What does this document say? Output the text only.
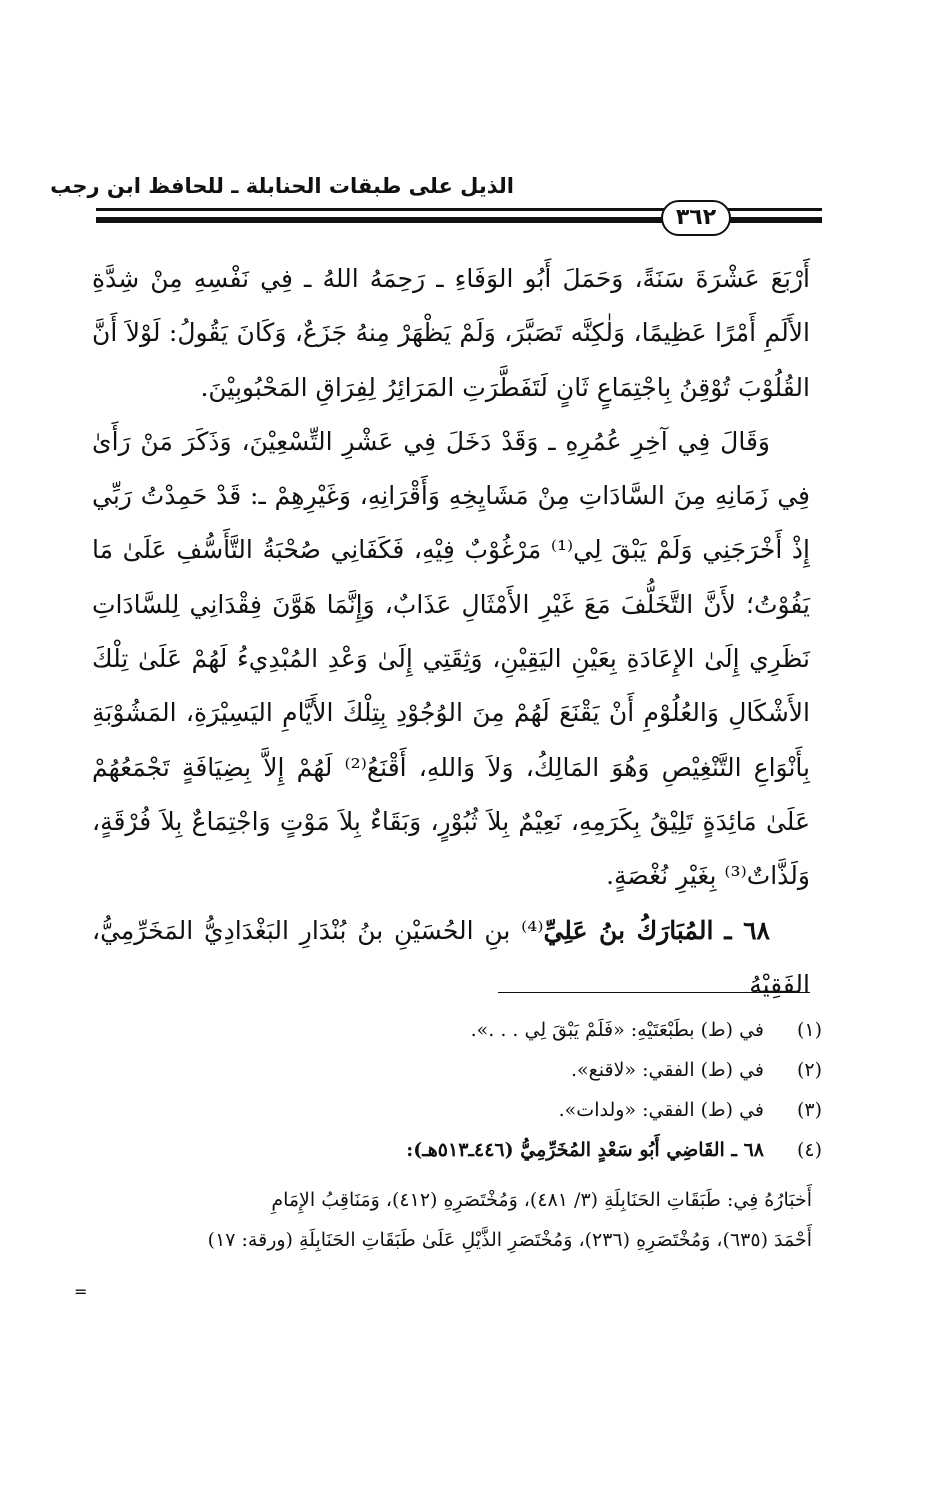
الذيل على طبقات الحنابلة ـ للحافظ ابن رجب
٣٦٢

أَرْبَعَ عَشْرَةَ سَنَةً، وَحَمَلَ أَبُو الوَفَاءِ ـ رَحِمَهُ اللهُ ـ فِي نَفْسِهِ مِنْ شِدَّةِ الأَلَمِ أَمْرًا عَظِيمًا، وَلٰكِنَّه تَصَبَّرَ، وَلَمْ يَظْهَرْ مِنهُ جَزَعٌ، وَكَانَ يَقُولُ: لَوْلاَ أَنَّ القُلُوْبَ تُوْقِنُ بِاجْتِمَاعٍ ثَانٍ لَتَفَطَّرَتِ المَرَائِرُ لِفِرَاقِ المَحْبُوبِيْنَ.

وَقَالَ فِي آخِرِ عُمُرِهِ ـ وَقَدْ دَخَلَ فِي عَشْرِ التِّسْعِيْنَ، وَذَكَرَ مَنْ رَأَىٰ فِي زَمَانِهِ مِنَ السَّادَاتِ مِنْ مَشَايِخِهِ وَأَقْرَانِهِ، وَغَيْرِهِمْ ـ: قَدْ حَمِدْتُ رَبِّي إِذْ أَخْرَجَنِي وَلَمْ يَبْقَ لِي⁽¹⁾ مَرْغُوْبٌ فِيْهِ، فَكَفَانِي صُحْبَةُ التَّأَسُّفِ عَلَىٰ مَا يَفُوْتُ؛ لأَنَّ التَّخَلُّفَ مَعَ غَيْرِ الأَمْثَالِ عَذَابٌ، وَإِنَّمَا هَوَّنَ فِقْدَانِي لِلسَّادَاتِ نَظَرِي إِلَىٰ الإِعَادَةِ بِعَيْنِ اليَقِيْنِ، وَثِقَتِي إِلَىٰ وَعْدِ المُبْدِيءُ لَهُمْ عَلَىٰ تِلْكَ الأَشْكَالِ وَالعُلُوْمِ أَنْ يَقْنَعَ لَهُمْ مِنَ الوُجُوْدِ بِتِلْكَ الأَيَّامِ اليَسِيْرَةِ، المَشُوْبَةِ بِأَنْوَاعِ التَّنْغِيْصِ وَهُوَ المَالِكُ، وَلاَ وَاللهِ، أَقْنَعُ⁽²⁾ لَهُمْ إِلاَّ بِضِيَافَةٍ تَجْمَعُهُمْ عَلَىٰ مَائِدَةٍ تَلِيْقُ بِكَرَمِهِ، نَعِيْمٌ بِلاَ ثُبُوْرٍ، وَبَقَاءٌ بِلاَ مَوْتٍ وَاجْتِمَاعٌ بِلاَ فُرْقَةٍ، وَلَذَّاتٌ⁽³⁾ بِغَيْرِ نُغْصَةٍ.

٦٨ ـ المُبَارَكُ بنُ عَلِيِّ⁽⁴⁾ بنِ الحُسَيْنِ بنُ بُنْدَارِ البَغْدَادِيُّ المَخَرِّمِيُّ، الفَقِيْهُ

(١)
في (ط) بطَبْعَتَيْهِ: «فَلَمْ يَبْقَ لِي . . .».
(٢)
في (ط) الفقي: «لاقنع».
(٣)
في (ط) الفقي: «ولدات».
(٤)
٦٨ ـ القَاضِي أَبُو سَعْدٍ المُخَرِّمِيُّ (٤٤٦ـ٥١٣هـ):

أَخبَارُهُ فِي: طَبَقَاتِ الحَنَابِلَةِ (٣/ ٤٨١)، وَمُخْتَصَرِهِ (٤١٢)، وَمَنَاقِبُ الإِمَامِ

أَحْمَدَ (٦٣٥)، وَمُخْتَصَرِهِ (٢٣٦)، وَمُخْتَصَرِ الذَّيْلِ عَلَىٰ طَبَقَاتِ الحَنَابِلَةِ (ورقة: ١٧)

=
